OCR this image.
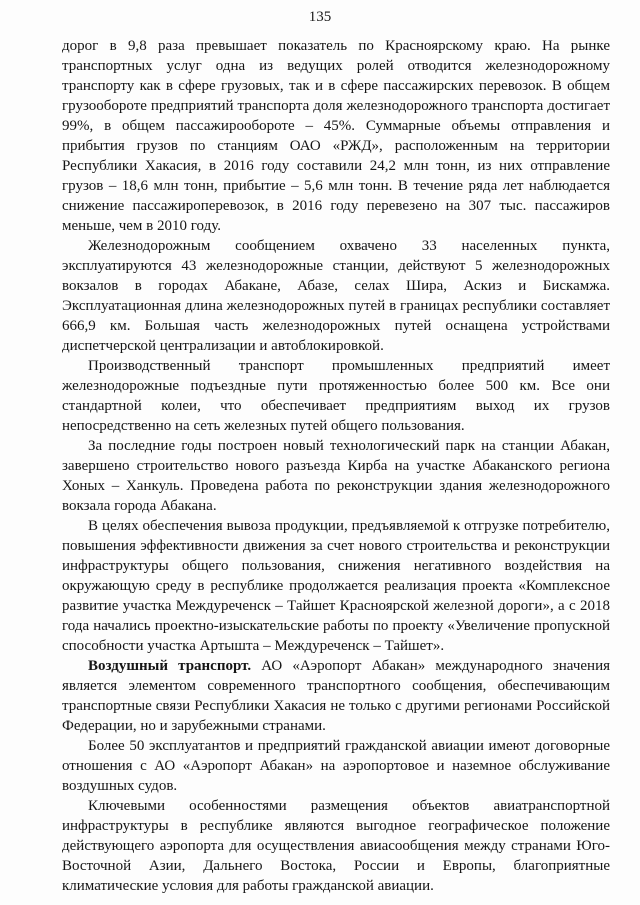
135

дорог в 9,8 раза превышает показатель по Красноярскому краю. На рынке транспортных услуг одна из ведущих ролей отводится железнодорожному транспорту как в сфере грузовых, так и в сфере пассажирских перевозок. В общем грузообороте предприятий транспорта доля железнодорожного транспорта достигает 99%, в общем пассажирообороте – 45%. Суммарные объемы отправления и прибытия грузов по станциям ОАО «РЖД», расположенным на территории Республики Хакасия, в 2016 году составили 24,2 млн тонн, из них отправление грузов – 18,6 млн тонн, прибытие – 5,6 млн тонн. В течение ряда лет наблюдается снижение пассажироперевозок, в 2016 году перевезено на 307 тыс. пассажиров меньше, чем в 2010 году.

Железнодорожным сообщением охвачено 33 населенных пункта, эксплуатируются 43 железнодорожные станции, действуют 5 железнодорожных вокзалов в городах Абакане, Абазе, селах Шира, Аскиз и Бискамжа. Эксплуатационная длина железнодорожных путей в границах республики составляет 666,9 км. Большая часть железнодорожных путей оснащена устройствами диспетчерской централизации и автоблокировкой.

Производственный транспорт промышленных предприятий имеет железнодорожные подъездные пути протяженностью более 500 км. Все они стандартной колеи, что обеспечивает предприятиям выход их грузов непосредственно на сеть железных путей общего пользования.

За последние годы построен новый технологический парк на станции Абакан, завершено строительство нового разъезда Кирба на участке Абаканского региона Хоных – Ханкуль. Проведена работа по реконструкции здания железнодорожного вокзала города Абакана.

В целях обеспечения вывоза продукции, предъявляемой к отгрузке потребителю, повышения эффективности движения за счет нового строительства и реконструкции инфраструктуры общего пользования, снижения негативного воздействия на окружающую среду в республике продолжается реализация проекта «Комплексное развитие участка Междуреченск – Тайшет Красноярской железной дороги», а с 2018 года начались проектно-изыскательские работы по проекту «Увеличение пропускной способности участка Артышта – Междуреченск – Тайшет».

Воздушный транспорт. АО «Аэропорт Абакан» международного значения является элементом современного транспортного сообщения, обеспечивающим транспортные связи Республики Хакасия не только с другими регионами Российской Федерации, но и зарубежными странами.

Более 50 эксплуатантов и предприятий гражданской авиации имеют договорные отношения с АО «Аэропорт Абакан» на аэропортовое и наземное обслуживание воздушных судов.

Ключевыми особенностями размещения объектов авиатранспортной инфраструктуры в республике являются выгодное географическое положение действующего аэропорта для осуществления авиасообщения между странами Юго-Восточной Азии, Дальнего Востока, России и Европы, благоприятные климатические условия для работы гражданской авиации.
